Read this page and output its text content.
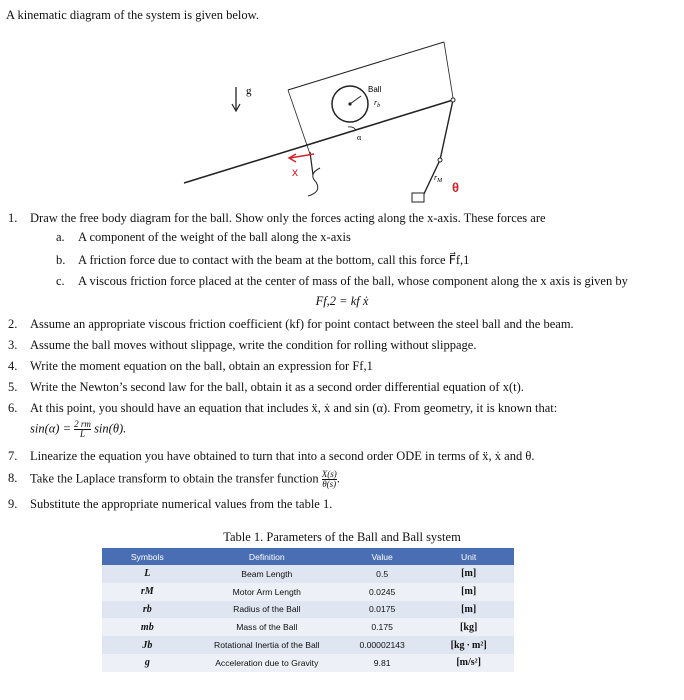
A kinematic diagram of the system is given below.
g	Ball
$r_b$
α
$r_M$
x
θ
1. Draw the free body diagram for the ball. Show only the forces acting along the x-axis. These forces are
a. A component of the weight of the ball along the x-axis
b. A friction force due to contact with the beam at the bottom, call this force F⃗f,1
c. A viscous friction force placed at the center of mass of the ball, whose component along the x axis is given by
Ff,2 = kf ẋ
2. Assume an appropriate viscous friction coefficient (kf) for point contact between the steel ball and the beam.
3. Assume the ball moves without slippage, write the condition for rolling without slippage.
4. Write the moment equation on the ball, obtain an expression for Ff,1
5. Write the Newton’s second law for the ball, obtain it as a second order differential equation of x(t).
6. At this point, you should have an equation that includes ẍ, ẋ and sin (α). From geometry, it is known that:
$\sin(\alpha) = \frac{2 rm}{L} \sin(\theta)$.
7. Linearize the equation you have obtained to turn that into a second order ODE in terms of ẍ, ẋ and θ.
8. Take the Laplace transform to obtain the transfer function $\frac{X(s)}{\theta(s)}$ .
9. Substitute the appropriate numerical values from the table 1.
Table 1. Parameters of the Ball and Ball system
Symbols	Definition	Value	Unit
L	Beam Length	0.5	[m]
rM	Motor Arm Length	0.0245	[m]
rb	Radius of the Ball	0.0175	[m]
mb	Mass of the Ball	0.175	[kg]
Jb	Rotational Inertia of the Ball	0.00002143	[kg ∙ m²]
g	Acceleration due to Gravity	9.81	[m/s²]
